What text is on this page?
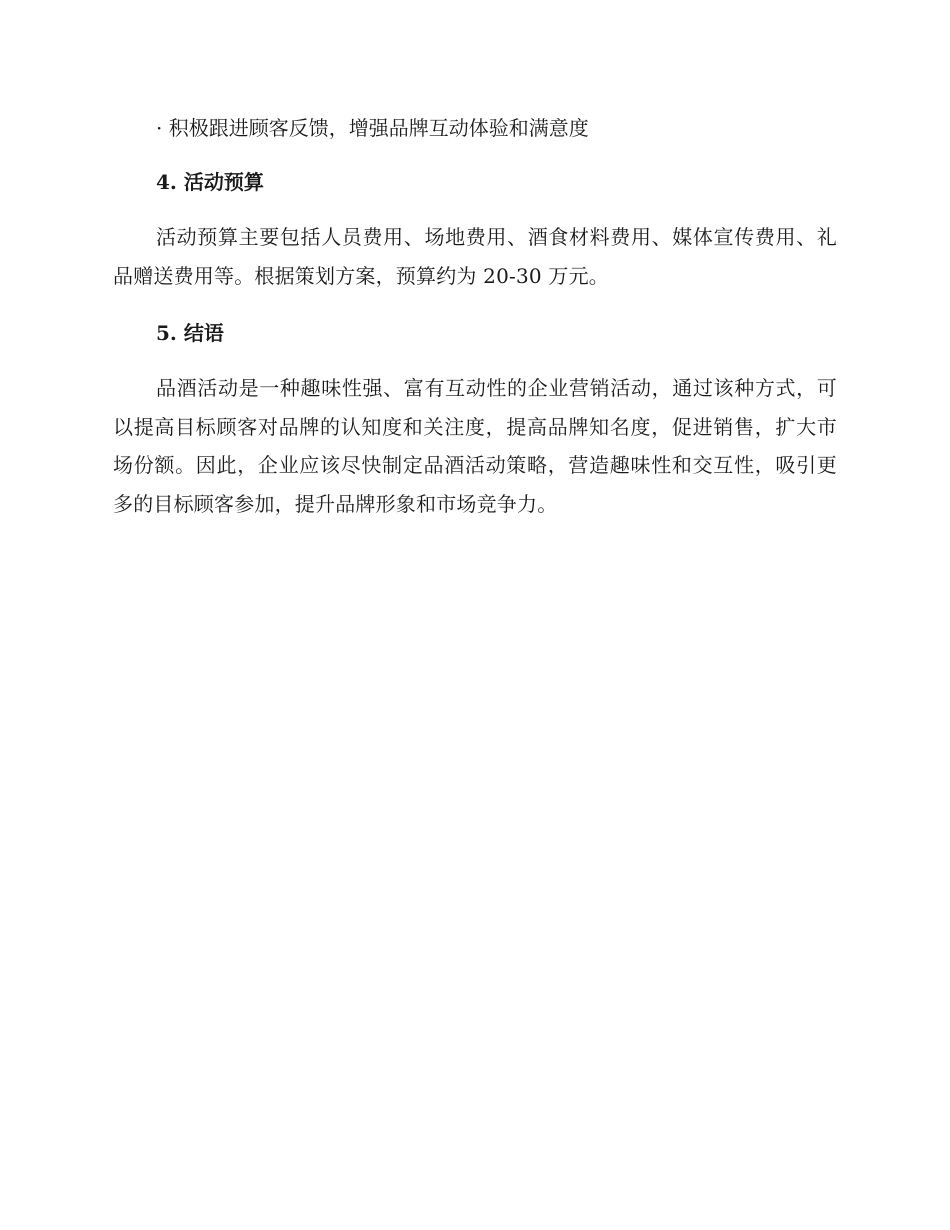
· 积极跟进顾客反馈，增强品牌互动体验和满意度

4. 活动预算

活动预算主要包括人员费用、场地费用、酒食材料费用、媒体宣传费用、礼品赠送费用等。根据策划方案，预算约为 20-30 万元。

5. 结语

品酒活动是一种趣味性强、富有互动性的企业营销活动，通过该种方式，可以提高目标顾客对品牌的认知度和关注度，提高品牌知名度，促进销售，扩大市场份额。因此，企业应该尽快制定品酒活动策略，营造趣味性和交互性，吸引更多的目标顾客参加，提升品牌形象和市场竞争力。
